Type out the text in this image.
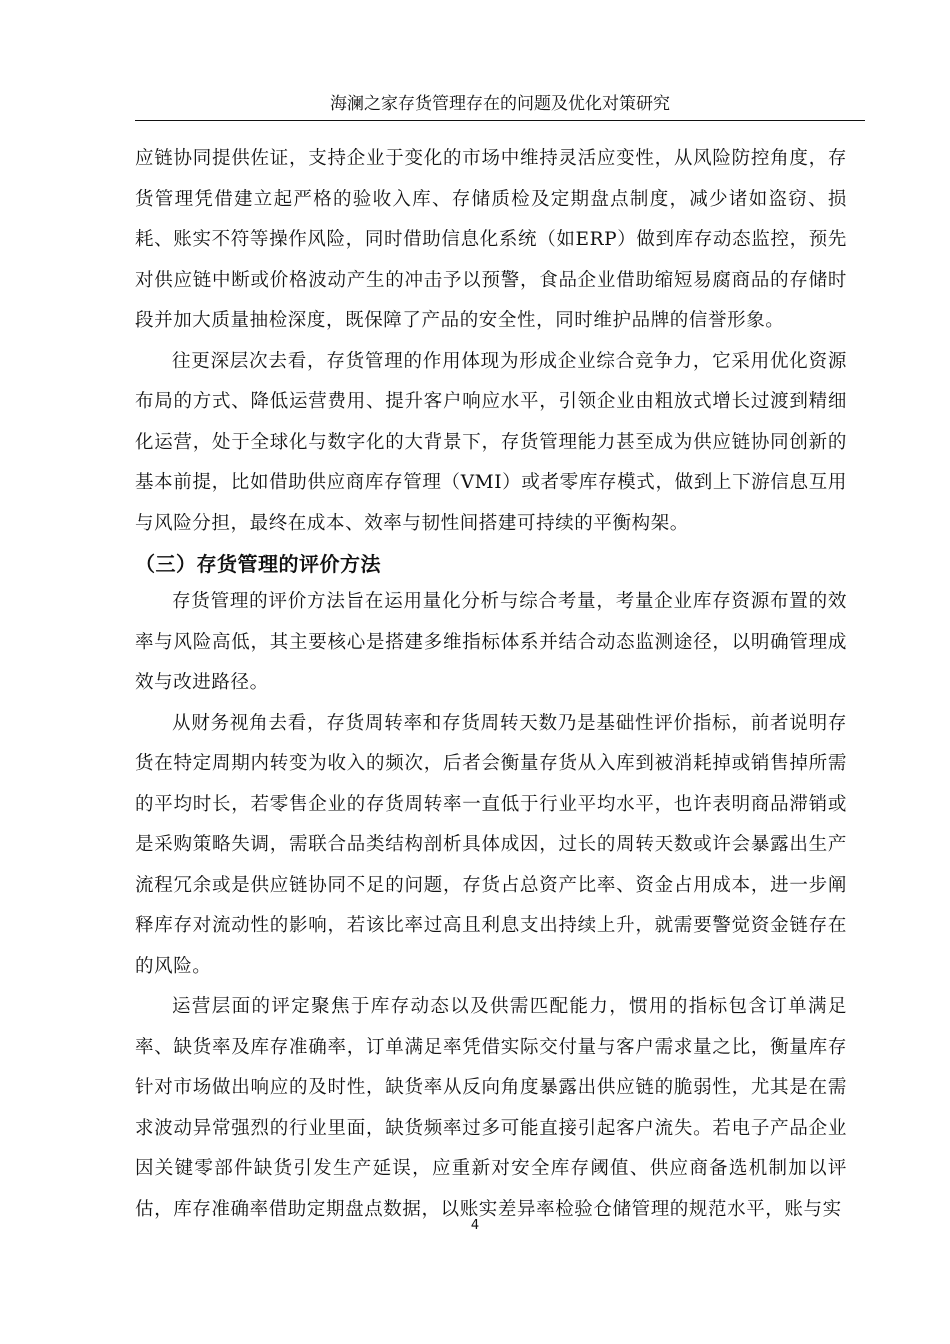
海澜之家存货管理存在的问题及优化对策研究

应链协同提供佐证，支持企业于变化的市场中维持灵活应变性，从风险防控角度，存货管理凭借建立起严格的验收入库、存储质检及定期盘点制度，减少诸如盗窃、损耗、账实不符等操作风险，同时借助信息化系统（如ERP）做到库存动态监控，预先对供应链中断或价格波动产生的冲击予以预警，食品企业借助缩短易腐商品的存储时段并加大质量抽检深度，既保障了产品的安全性，同时维护品牌的信誉形象。

往更深层次去看，存货管理的作用体现为形成企业综合竞争力，它采用优化资源布局的方式、降低运营费用、提升客户响应水平，引领企业由粗放式增长过渡到精细化运营，处于全球化与数字化的大背景下，存货管理能力甚至成为供应链协同创新的基本前提，比如借助供应商库存管理（VMI）或者零库存模式，做到上下游信息互用与风险分担，最终在成本、效率与韧性间搭建可持续的平衡构架。

（三）存货管理的评价方法

存货管理的评价方法旨在运用量化分析与综合考量，考量企业库存资源布置的效率与风险高低，其主要核心是搭建多维指标体系并结合动态监测途径，以明确管理成效与改进路径。

从财务视角去看，存货周转率和存货周转天数乃是基础性评价指标，前者说明存货在特定周期内转变为收入的频次，后者会衡量存货从入库到被消耗掉或销售掉所需的平均时长，若零售企业的存货周转率一直低于行业平均水平，也许表明商品滞销或是采购策略失调，需联合品类结构剖析具体成因，过长的周转天数或许会暴露出生产流程冗余或是供应链协同不足的问题，存货占总资产比率、资金占用成本，进一步阐释库存对流动性的影响，若该比率过高且利息支出持续上升，就需要警觉资金链存在的风险。

运营层面的评定聚焦于库存动态以及供需匹配能力，惯用的指标包含订单满足率、缺货率及库存准确率，订单满足率凭借实际交付量与客户需求量之比，衡量库存针对市场做出响应的及时性，缺货率从反向角度暴露出供应链的脆弱性，尤其是在需求波动异常强烈的行业里面，缺货频率过多可能直接引起客户流失。若电子产品企业因关键零部件缺货引发生产延误，应重新对安全库存阈值、供应商备选机制加以评估，库存准确率借助定期盘点数据，以账实差异率检验仓储管理的规范水平，账与实

4
